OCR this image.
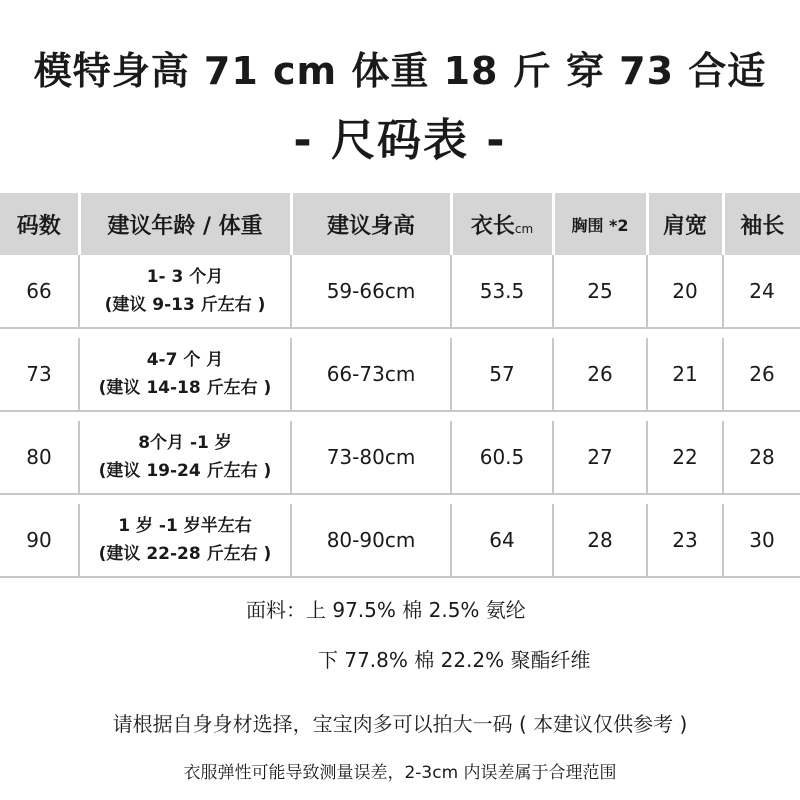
模特身高 71 cm 体重 18 斤 穿 73 合适
- 尺码表 -
码数	建议年龄 / 体重	建议身高	衣长cm	胸围 *2	肩宽	袖长
66	1- 3 个月
(建议 9-13 斤左右 )	59-66cm	53.5	25	20	24

73	4-7 个 月
(建议 14-18 斤左右 )	66-73cm	57	26	21	26

80	8个月 -1 岁
(建议 19-24 斤左右 )	73-80cm	60.5	27	22	28

90	1 岁 -1 岁半左右
(建议 22-28 斤左右 )	80-90cm	64	28	23	30
面料：上 97.5% 棉 2.5% 氨纶
下 77.8% 棉 22.2% 聚酯纤维
请根据自身身材选择，宝宝肉多可以拍大一码 ( 本建议仅供参考 )
衣服弹性可能导致测量误差，2-3cm 内误差属于合理范围
